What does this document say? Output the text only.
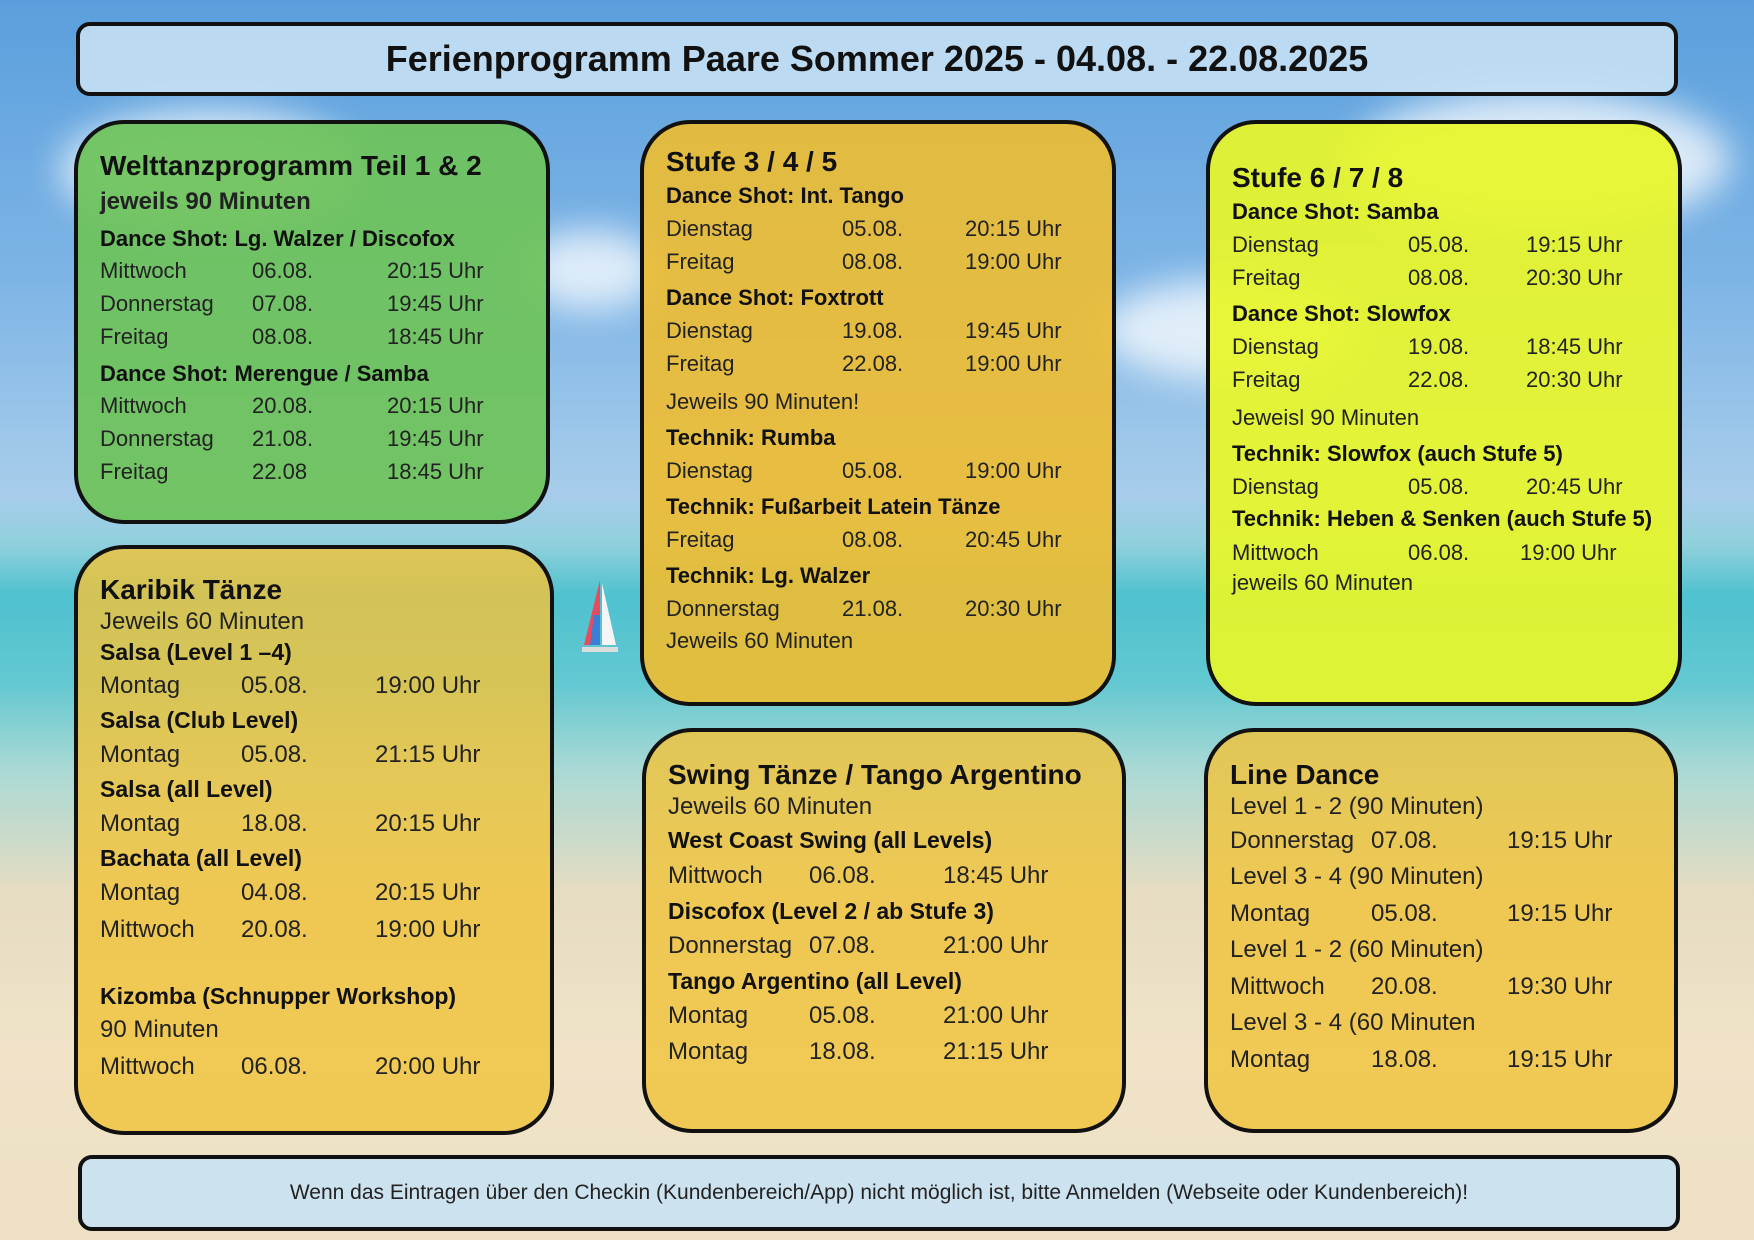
Ferienprogramm Paare Sommer 2025 - 04.08. - 22.08.2025

Welttanzprogramm Teil 1 & 2

jeweils 90 Minuten

Dance Shot: Lg. Walzer / Discofox

Mittwoch	06.08.	20:15 Uhr
Donnerstag	07.08.	19:45 Uhr
Freitag	08.08.	18:45 Uhr

Dance Shot: Merengue / Samba

Mittwoch	20.08.	20:15 Uhr
Donnerstag	21.08.	19:45 Uhr
Freitag	22.08	18:45 Uhr

Stufe 3 / 4 / 5

Dance Shot: Int. Tango

Dienstag	05.08.	20:15 Uhr
Freitag	08.08.	19:00 Uhr

Dance Shot: Foxtrott

Dienstag	19.08.	19:45 Uhr
Freitag	22.08.	19:00 Uhr

Jeweils 90 Minuten!

Technik: Rumba

Dienstag	05.08.	19:00 Uhr

Technik: Fußarbeit Latein Tänze

Freitag	08.08.	20:45 Uhr

Technik: Lg. Walzer

Donnerstag	21.08.	20:30 Uhr

Jeweils 60 Minuten

Stufe 6 / 7 / 8

Dance Shot: Samba

Dienstag	05.08.	19:15 Uhr
Freitag	08.08.	20:30 Uhr

Dance Shot: Slowfox

Dienstag	19.08.	18:45 Uhr
Freitag	22.08.	20:30 Uhr

Jeweisl 90 Minuten

Technik: Slowfox (auch Stufe 5)

Dienstag	05.08.	20:45 Uhr

Technik: Heben & Senken (auch Stufe 5)

Mittwoch	06.08.	19:00 Uhr

jeweils 60 Minuten

Karibik Tänze

Jeweils 60 Minuten

Salsa (Level 1 –4)

Montag	05.08.	19:00 Uhr

Salsa (Club Level)

Montag	05.08.	21:15 Uhr

Salsa (all Level)

Montag	18.08.	20:15 Uhr

Bachata (all Level)

Montag	04.08.	20:15 Uhr
Mittwoch	20.08.	19:00 Uhr

Kizomba (Schnupper Workshop)

90 Minuten

Mittwoch	06.08.	20:00 Uhr

Swing Tänze / Tango Argentino

Jeweils 60 Minuten

West Coast Swing (all Levels)

Mittwoch	06.08.	18:45 Uhr

Discofox (Level 2 / ab Stufe 3)

Donnerstag 07.08.	21:00 Uhr

Tango Argentino (all Level)

Montag	05.08.	21:00 Uhr
Montag	18.08.	21:15 Uhr

Line Dance

Level 1 - 2 (90 Minuten)

Donnerstag 07.08.	19:15 Uhr

Level 3 - 4 (90 Minuten)

Montag	05.08.	19:15 Uhr

Level 1 - 2 (60 Minuten)

Mittwoch	20.08.	19:30 Uhr

Level 3 - 4 (60 Minuten

Montag	18.08.	19:15 Uhr

Wenn das Eintragen über den Checkin (Kundenbereich/App) nicht möglich ist, bitte Anmelden (Webseite oder Kundenbereich)!
